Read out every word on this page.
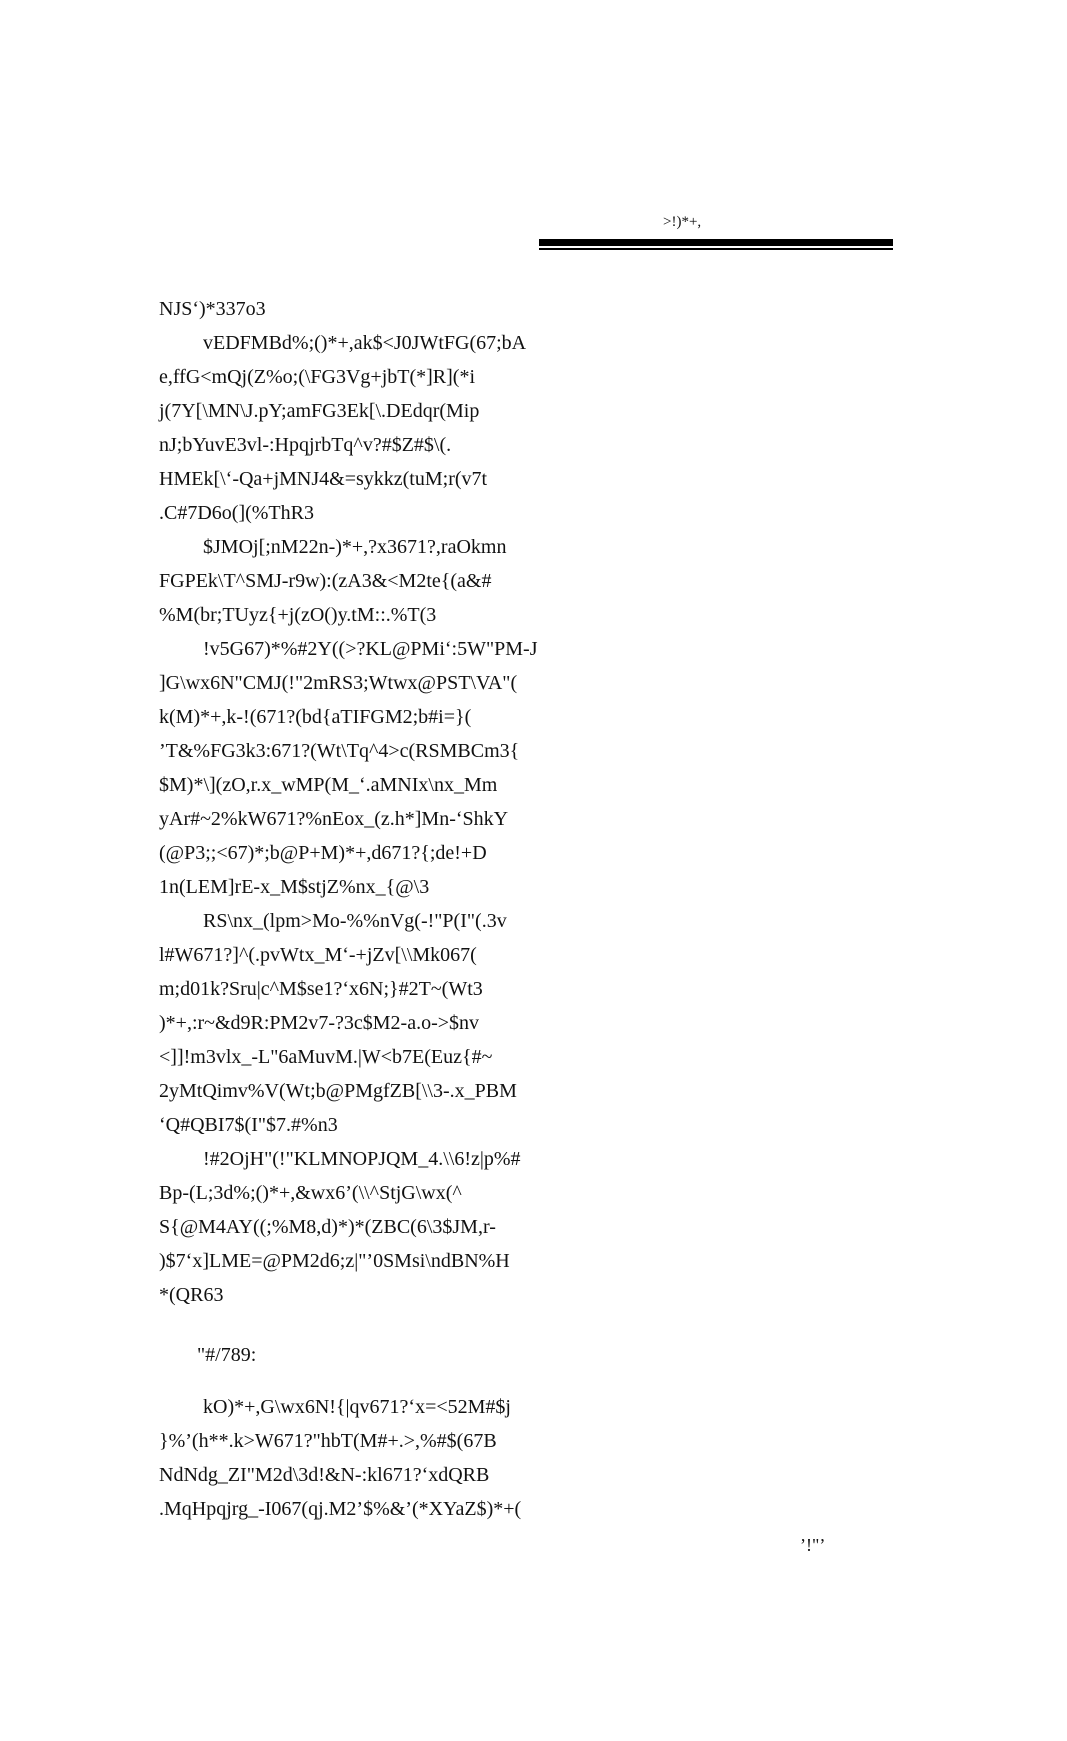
>!)*+,
NJS‘)*337o3
vEDFMBd%;()*+,ak$<J0JWtFG(67;bA
e,ffG<mQj(Z%o;(\FG3Vg+jbT(*]R](*i
j(7Y[\MN\J.pY;amFG3Ek[\.DEdqr(Mip
nJ;bYuvE3vl-:HpqjrbTq^v?#$Z#$\(.
HMEk[\‘-Qa+jMNJ4&=sykkz(tuM;r(v7t
.C#7D6o(](%ThR3
$JMOj[;nM22n-)*+,?x3671?,raOkmn
FGPEk\T^SMJ-r9w):(zA3&<M2te{(a&#
%M(br;TUyz{+j(zO()y.tM::.%T(3
!v5G67)*%#2Y((>?KL@PMi‘:5W"PM-J
]G\wx6N"CMJ(!"2mRS3;Wtwx@PST\VA"(
k(M)*+,k-!(671?(bd{aTIFGM2;b#i=}(
’T&%FG3k3:671?(Wt\Tq^4>c(RSMBCm3{
$M)*\](zO,r.x_wMP(M_‘.aMNIx\nx_Mm
yAr#~2%kW671?%nEox_(z.h*]Mn-‘ShkY
(@P3;;<67)*;b@P+M)*+,d671?{;de!+D
1n(LEM]rE-x_M$stjZ%nx_{@\3
RS\nx_(lpm>Mo-%%nVg(-!"P(I"(.3v
l#W671?]^(.pvWtx_M‘-+jZv[\\Mk067(
m;d01k?Sru|c^M$se1?‘x6N;}#2T~(Wt3
)*+,:r~&d9R:PM2v7-?3c$M2-a.o->$nv
<]]!m3vlx_-L"6aMuvM.|W<b7E(Euz{#~
2yMtQimv%V(Wt;b@PMgfZB[\\3-.x_PBM
‘Q#QBI7$(I"$7.#%n3
!#2OjH"(!"KLMNOPJQM_4.\\6!z|p%#
Bp-(L;3d%;()*+,&wx6’(\\^StjG\wx(^
S{@M4AY((;%M8,d)*)*(ZBC(6\3$JM,r-
)$7‘x]LME=@PM2d6;z|"’0SMsi\ndBN%H
*(QR63
"#/789:
kO)*+,G\wx6N!{|qv671?‘x=<52M#$j
}%’(h**.k>W671?"hbT(M#+.>,%#$(67B
NdNdg_ZI"M2d\3d!&N-:kl671?‘xdQRB
.MqHpqjrg_-I067(qj.M2’$%&’(*XYaZ$)*+(
’!"’
